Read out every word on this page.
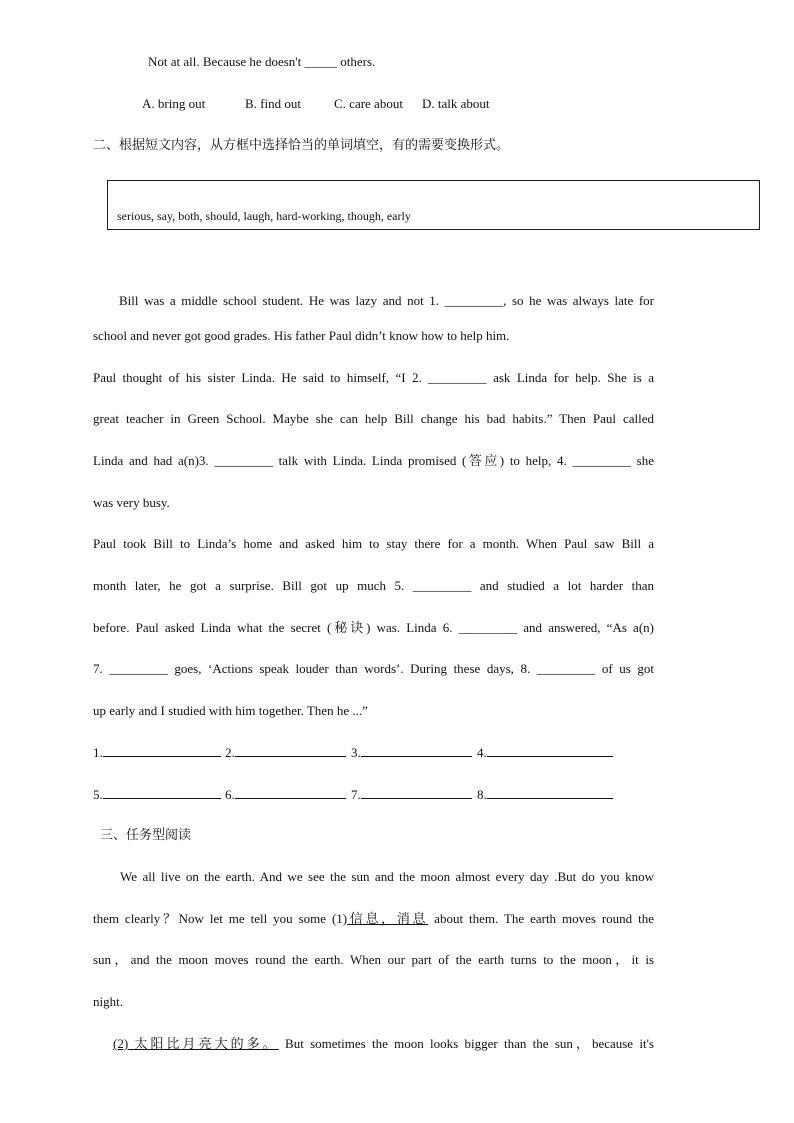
Not at all. Because he doesn't _____ others.
A. bring out	B. find out	C. care about D. talk about
二、根据短文内容，从方框中选择恰当的单词填空，有的需要变换形式。
serious, say, both, should, laugh, hard-working, though, early
Bill was a middle school student. He was lazy and not 1. _________, so he was always late for
school and never got good grades. His father Paul didn’t know how to help him.
Paul thought of his sister Linda. He said to himself, “I 2. _________ ask Linda for help. She is a
great teacher in Green School. Maybe she can help Bill change his bad habits.” Then Paul called
Linda and had a(n)3. _________ talk with Linda. Linda promised (答应) to help, 4. _________ she
was very busy.
Paul took Bill to Linda’s home and asked him to stay there for a month. When Paul saw Bill a
month later, he got a surprise. Bill got up much 5. _________ and studied a lot harder than
before. Paul asked Linda what the secret (秘诀) was. Linda 6. _________ and answered, “As a(n)
7. _________ goes, ‘Actions speak louder than words’. During these days, 8. _________ of us got
up early and I studied with him together. Then he ...”
1.	2.	3.	4.
5.	6.	7.	8.
三、任务型阅读
We all live on the earth. And we see the sun and the moon almost every day .But do you know
them clearly？Now let me tell you some (1)信息，消息 about them. The earth moves round the
sun，and the moon moves round the earth. When our part of the earth turns to the moon，it is
night.
(2) 太阳比月亮大的多。 But sometimes the moon looks bigger than the sun，because it's
